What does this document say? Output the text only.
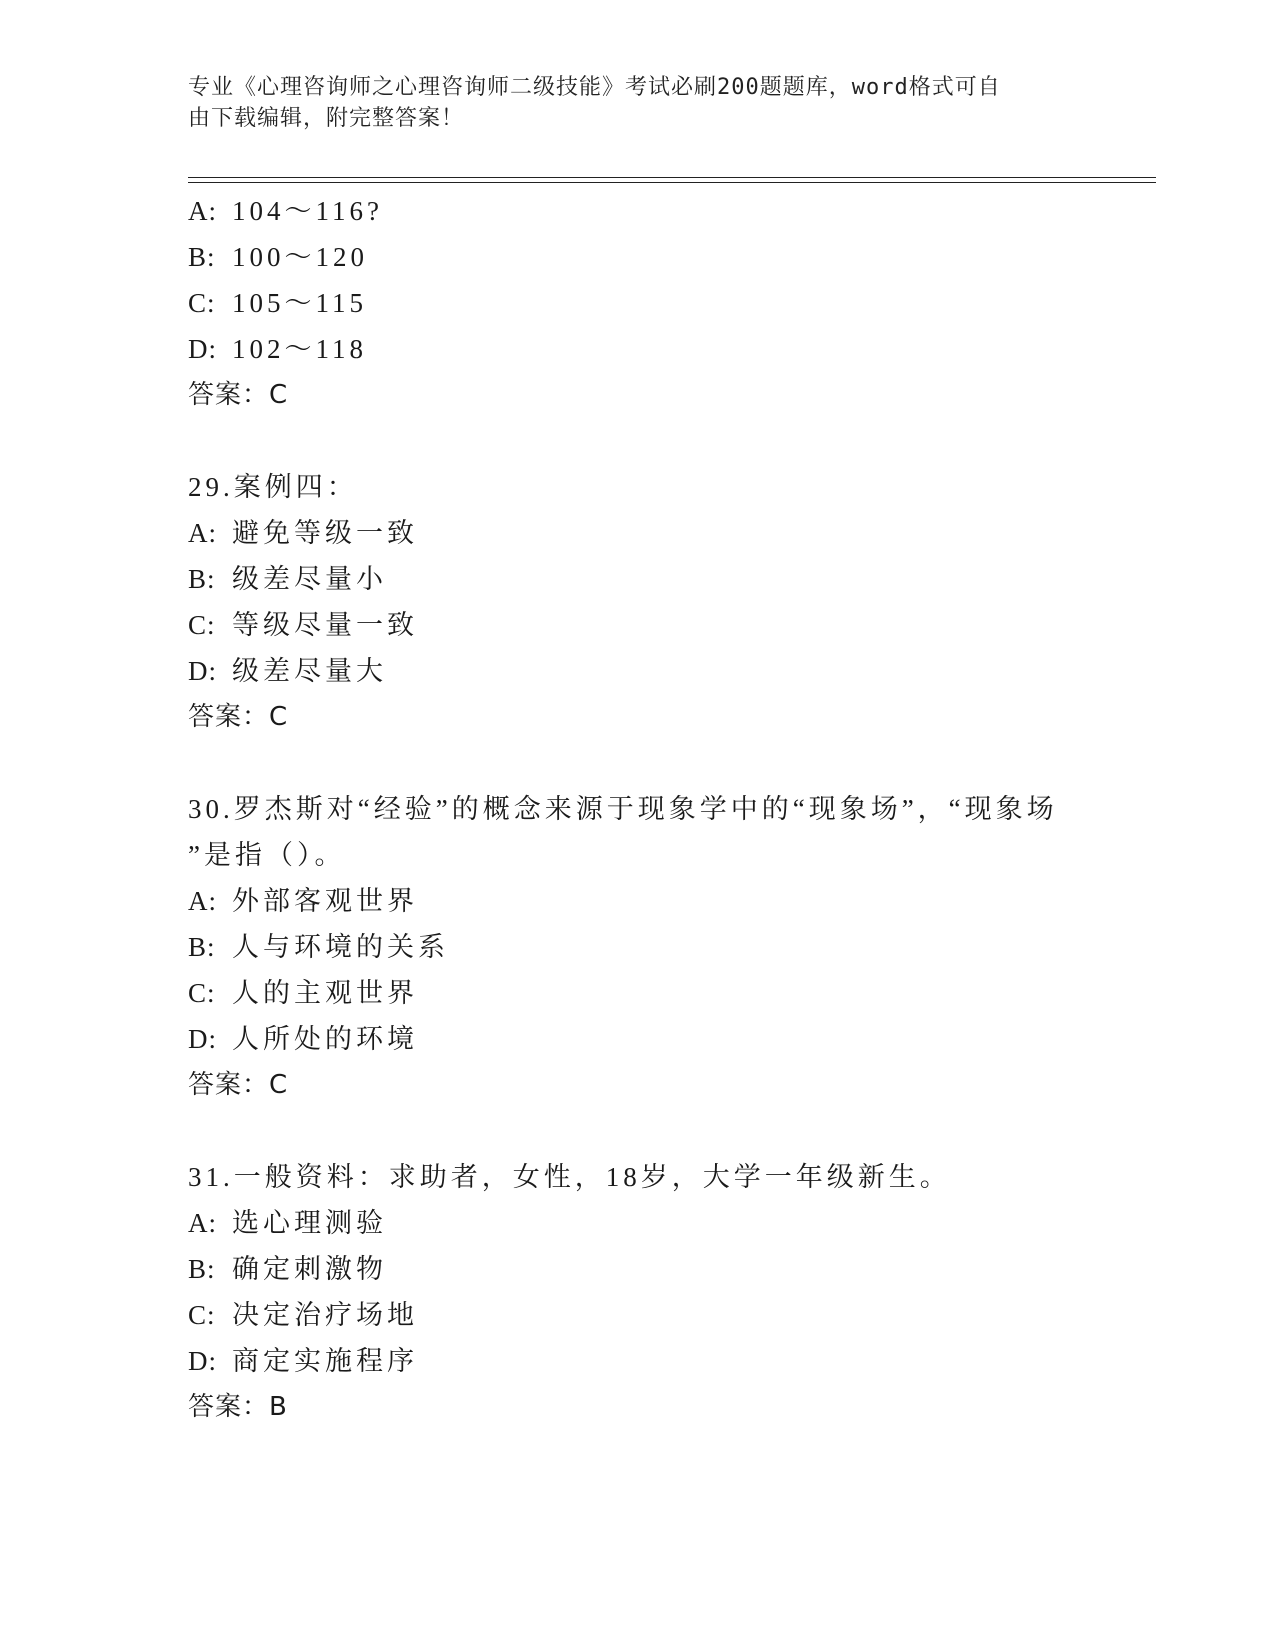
专业《心理咨询师之心理咨询师二级技能》考试必刷200题题库，word格式可自
由下载编辑，附完整答案！
A: 104～116?
B: 100～120
C: 105～115
D: 102～118
答案：C
29.案例四：
A: 避免等级一致
B: 级差尽量小
C: 等级尽量一致
D: 级差尽量大
答案：C
30.罗杰斯对“经验”的概念来源于现象学中的“现象场”，“现象场
”是指（）。
A: 外部客观世界
B: 人与环境的关系
C: 人的主观世界
D: 人所处的环境
答案：C
31.一般资料：求助者，女性，18岁，大学一年级新生。
A: 选心理测验
B: 确定刺激物
C: 决定治疗场地
D: 商定实施程序
答案：B
